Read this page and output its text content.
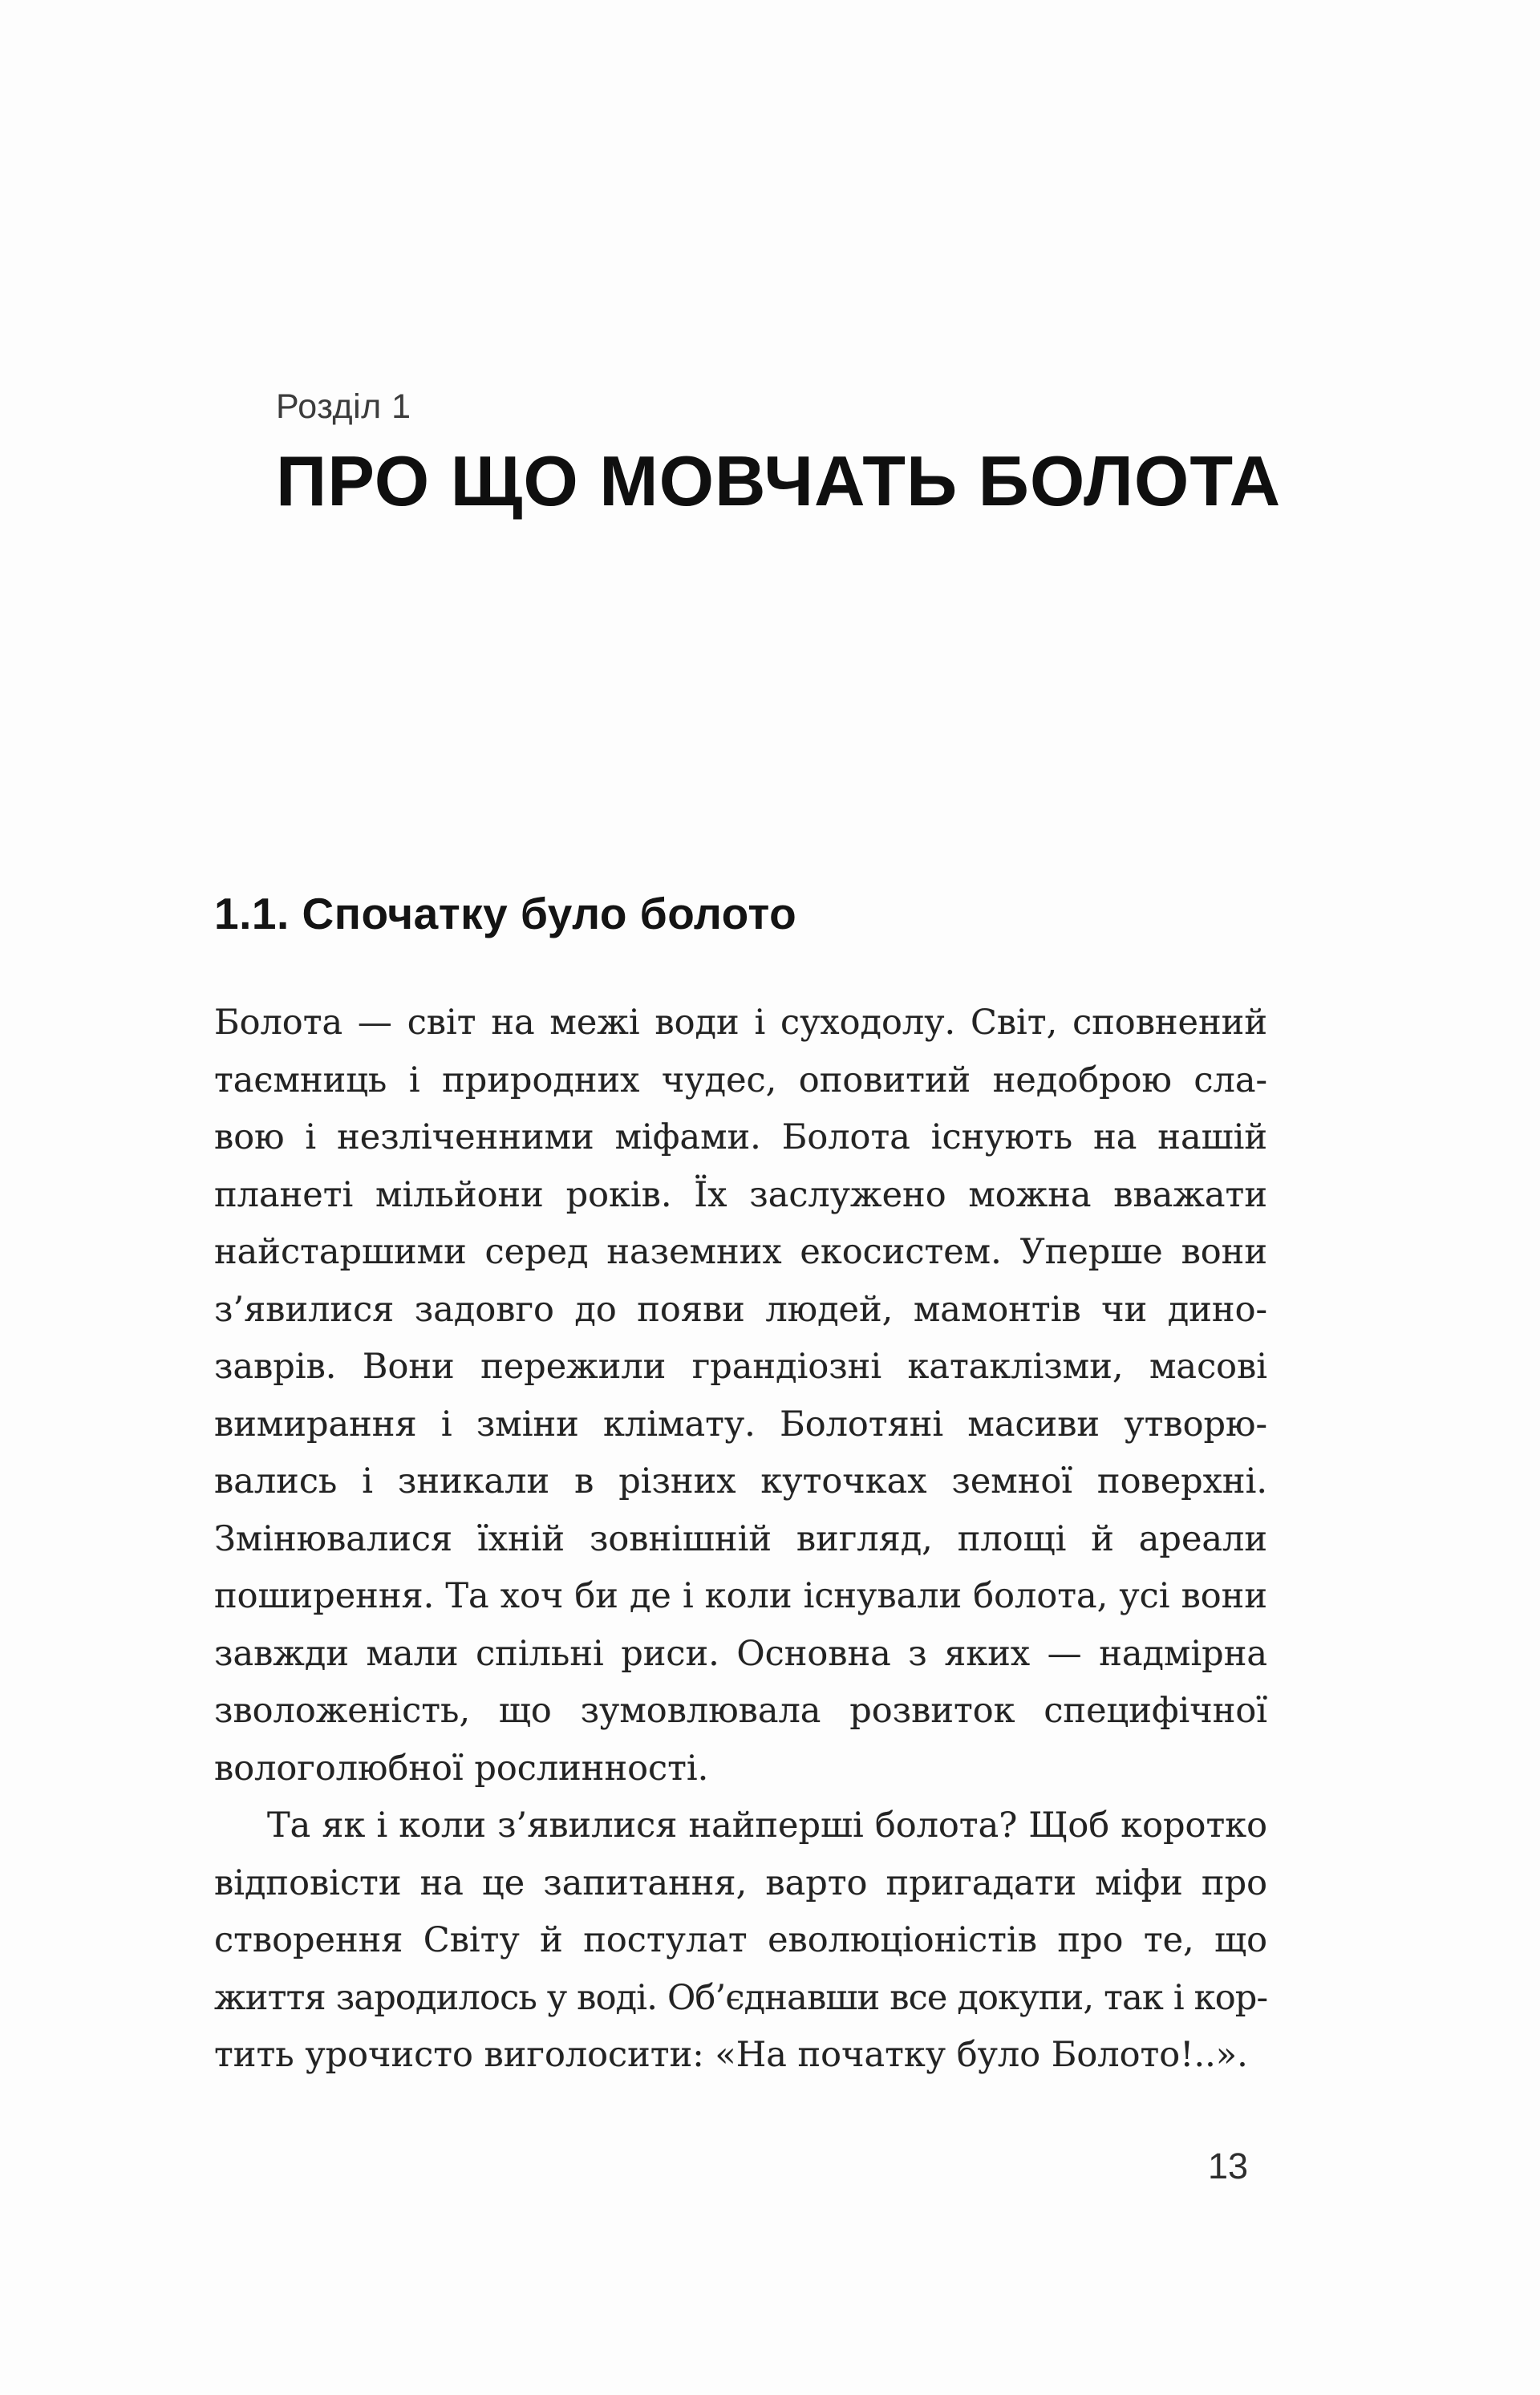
Розділ 1
ПРО ЩО МОВЧАТЬ БОЛОТА
1.1. Спочатку було болото
Болота — світ на межі води і суходолу. Світ, сповнений
таємниць і природних чудес, оповитий недоброю сла-
вою і незліченними міфами. Болота існують на нашій
планеті мільйони років. Їх заслужено можна вважати
найстаршими серед наземних екосистем. Уперше вони
з’явилися задовго до появи людей, мамонтів чи дино-
заврів. Вони пережили грандіозні катаклізми, масові
вимирання і зміни клімату. Болотяні масиви утворю-
вались і зникали в різних куточках земної поверхні.
Змінювалися їхній зовнішній вигляд, площі й ареали
поширення. Та хоч би де і коли існували болота, усі вони
завжди мали спільні риси. Основна з яких — надмірна
зволоженість, що зумовлювала розвиток специфічної
вологолюбної рослинності.
Та як і коли з’явилися найперші болота? Щоб коротко
відповісти на це запитання, варто пригадати міфи про
створення Світу й постулат еволюціоністів про те, що
життя зародилось у воді. Об’єднавши все докупи, так і кор-
тить урочисто виголосити: «На початку було Болото!..».
13
